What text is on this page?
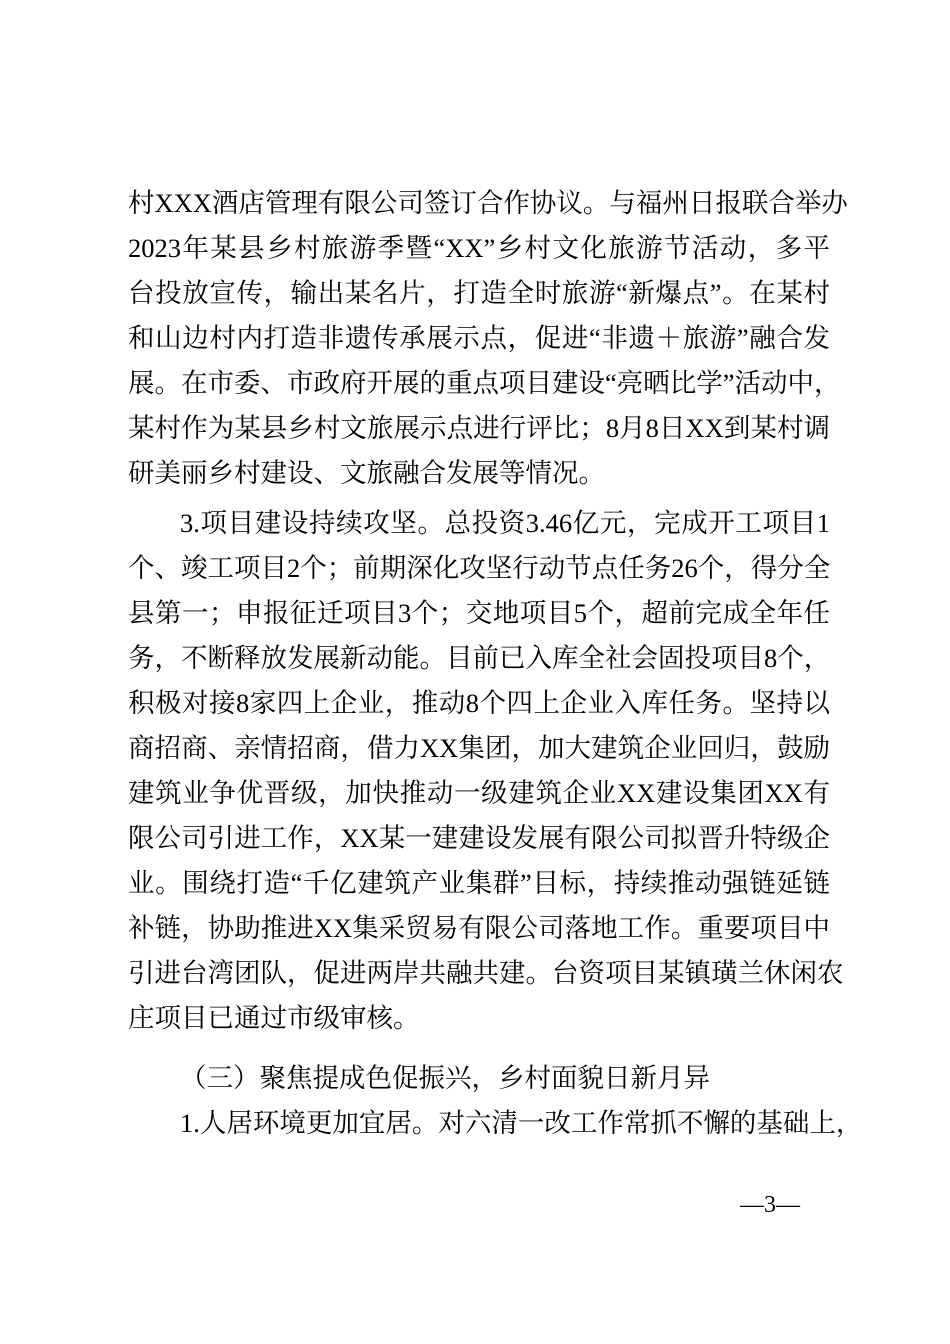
村XXX酒店管理有限公司签订合作协议。与福州日报联合举办
2023年某县乡村旅游季暨“XX”乡村文化旅游节活动，多平
台投放宣传，输出某名片，打造全时旅游“新爆点”。在某村
和山边村内打造非遗传承展示点，促进“非遗＋旅游”融合发
展。在市委、市政府开展的重点项目建设“亮晒比学”活动中，
某村作为某县乡村文旅展示点进行评比；8月8日XX到某村调
研美丽乡村建设、文旅融合发展等情况。
3.项目建设持续攻坚。总投资3.46亿元，完成开工项目1
个、竣工项目2个；前期深化攻坚行动节点任务26个，得分全
县第一；申报征迁项目3个；交地项目5个，超前完成全年任
务，不断释放发展新动能。目前已入库全社会固投项目8个，
积极对接8家四上企业，推动8个四上企业入库任务。坚持以
商招商、亲情招商，借力XX集团，加大建筑企业回归，鼓励
建筑业争优晋级，加快推动一级建筑企业XX建设集团XX有
限公司引进工作，XX某一建建设发展有限公司拟晋升特级企
业。围绕打造“千亿建筑产业集群”目标，持续推动强链延链
补链，协助推进XX集采贸易有限公司落地工作。重要项目中
引进台湾团队，促进两岸共融共建。台资项目某镇璜兰休闲农
庄项目已通过市级审核。
（三）聚焦提成色促振兴，乡村面貌日新月异
1.人居环境更加宜居。对六清一改工作常抓不懈的基础上，
—3—
